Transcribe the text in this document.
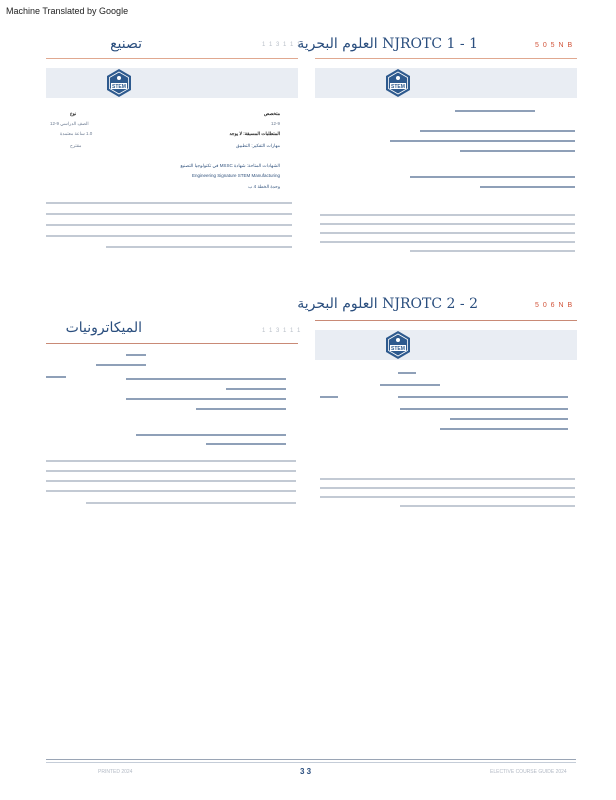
Machine Translated by Google
1 1 3 1 1 1
تصنيع
STEM
نوع	متخصص
الصف الدراسي 9-12	12-9
1.0 ساعة معتمدة	المتطلبات المسبقة: لا يوجد
مقترح	مهارات التفكير: التطبيق
الشهادات المتاحة: شهادة MSSC في تكنولوجيا التصنيع
Engineering Signature STEM Manufacturing
وحدة الخطة 4 ب
5 0 5 N B
1 - NJROTC 1 العلوم البحرية
STEM
1 1 3 1 1 1
الميكاترونيات
5 0 6 N B
2 - NJROTC 2 العلوم البحرية
STEM
PRINTED 2024	3 3	ELECTIVE COURSE GUIDE 2024
